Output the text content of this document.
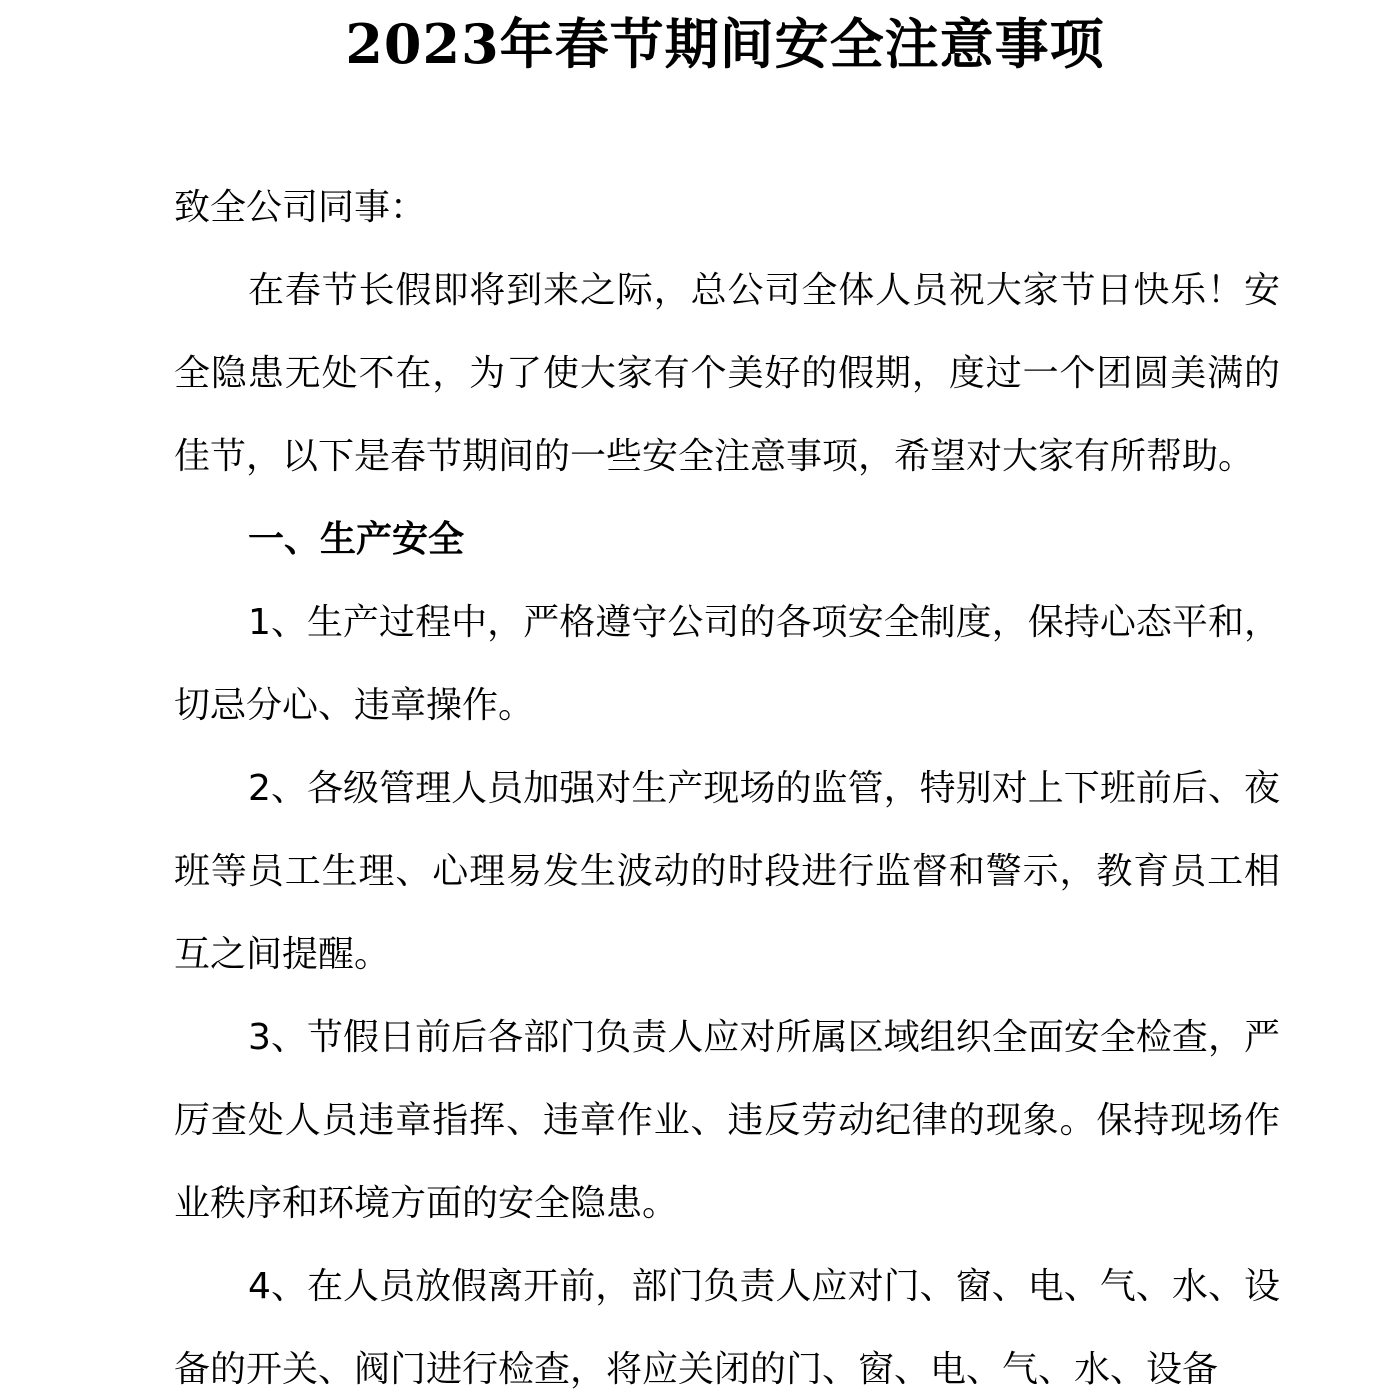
2023年春节期间安全注意事项

致全公司同事：

在春节长假即将到来之际，总公司全体人员祝大家节日快乐！安全隐患无处不在，为了使大家有个美好的假期，度过一个团圆美满的佳节，以下是春节期间的一些安全注意事项，希望对大家有所帮助。

一、生产安全

1、生产过程中，严格遵守公司的各项安全制度，保持心态平和，切忌分心、违章操作。

2、各级管理人员加强对生产现场的监管，特别对上下班前后、夜班等员工生理、心理易发生波动的时段进行监督和警示，教育员工相互之间提醒。

3、节假日前后各部门负责人应对所属区域组织全面安全检查，严厉查处人员违章指挥、违章作业、违反劳动纪律的现象。保持现场作业秩序和环境方面的安全隐患。

4、在人员放假离开前，部门负责人应对门、窗、电、气、水、设备的开关、阀门进行检查，将应关闭的门、窗、电、气、水、设备
